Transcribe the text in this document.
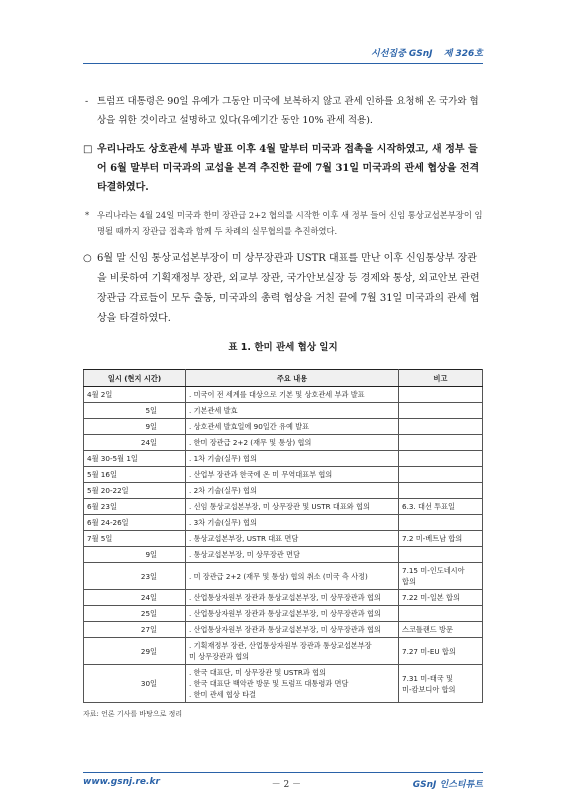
시선집중 GSnJ 제 326호
- 트럼프 대통령은 90일 유예가 그동안 미국에 보복하지 않고 관세 인하를 요청해 온 국가와 협상을 위한 것이라고 설명하고 있다(유예기간 동안 10% 관세 적용).
□ 우리나라도 상호관세 부과 발표 이후 4월 말부터 미국과 접촉을 시작하였고, 새 정부 들어 6월 말부터 미국과의 교섭을 본격 추진한 끝에 7월 31일 미국과의 관세 협상을 전격 타결하였다.
* 우리나라는 4월 24일 미국과 한미 장관급 2+2 협의를 시작한 이후 새 정부 들어 신임 통상교섭본부장이 임명될 때까지 장관급 접촉과 함께 두 차례의 실무협의를 추진하였다.
○ 6월 말 신임 통상교섭본부장이 미 상무장관과 USTR 대표를 만난 이후 신임통상부 장관을 비롯하여 기획재정부 장관, 외교부 장관, 국가안보실장 등 경제와 통상, 외교안보 관련 장관급 각료들이 모두 출동, 미국과의 총력 협상을 거친 끝에 7월 31일 미국과의 관세 협상을 타결하였다.
표 1. 한미 관세 협상 일지
일시 (현지 시간)	주요 내용	비고
4월 2일	. 미국이 전 세계를 대상으로 기본 및 상호관세 부과 발표	

5일	. 기본관세 발효	

9일	. 상호관세 발효일에 90일간 유예 발표	

24일	. 한미 장관급 2+2 (재무 및 통상) 협의	

4월 30-5월 1일	. 1차 기술(실무) 협의	

5월 16일	. 산업부 장관과 한국에 온 미 무역대표부 협의	

5월 20-22일	. 2차 기술(실무) 협의	

6월 23일	. 신임 통상교섭본부장, 미 상무장관 및 USTR 대표와 협의	6.3. 대선 투표일

6월 24-26일	. 3차 기술(실무) 협의	

7월 5일	. 통상교섭본부장, USTR 대표 면담	7.2 미-베트남 합의

9일	. 통상교섭본부장, 미 상무장관 면담	

23일	. 미 장관급 2+2 (재무 및 통상) 협의 취소 (미국 측 사정)	7.15 미-인도네시아
합의

24일	. 산업통상자원부 장관과 통상교섭본부장, 미 상무장관과 협의	7.22 미-일본 합의

25일	. 산업통상자원부 장관과 통상교섭본부장, 미 상무장관과 협의	

27일	. 산업통상자원부 장관과 통상교섭본부장, 미 상무장관과 협의	스코틀랜드 방문

29일	. 기획재정부 장관, 산업통상자원부 장관과 통상교섭본부장
미 상무장관과 협의	7.27 미-EU 합의

30일	. 한국 대표단, 미 상무장관 및 USTR과 협의
. 한국 대표단 백악관 방문 및 트럼프 대통령과 면담
. 한미 관세 협상 타결	7.31 미-태국 및
미-캄보디아 합의
자료: 언론 기사를 바탕으로 정리
www.gsnj.re.kr	－ 2 －	GSnJ 인스티튜트
